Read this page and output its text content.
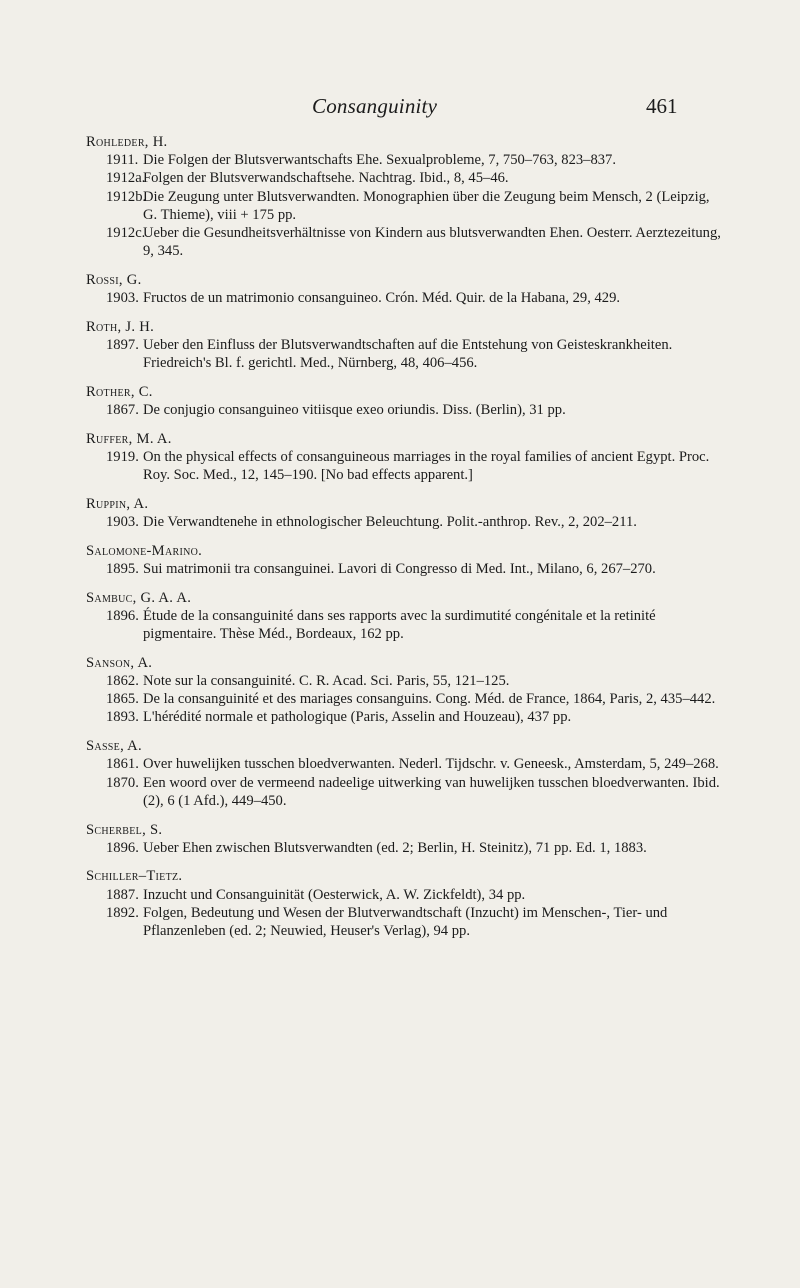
Consanguinity	461
Rohleder, H.
1911. Die Folgen der Blutsverwantschafts Ehe. Sexualprobleme, 7, 750–763, 823–837.
1912a.
Folgen der Blutsverwandschaftsehe. Nachtrag. Ibid., 8, 45–46.
1912b.
Die Zeugung unter Blutsverwandten. Monographien über die Zeugung beim Mensch, 2 (Leipzig, G. Thieme), viii + 175 pp.
1912c.
Ueber die Gesundheitsverhältnisse von Kindern aus blutsverwandten Ehen. Oesterr. Aerztezeitung, 9, 345.
Rossi, G.
1903. Fructos de un matrimonio consanguineo. Crón. Méd. Quir. de la Habana, 29, 429.
Roth, J. H.
1897. Ueber den Einfluss der Blutsverwandtschaften auf die Entstehung von Geisteskrankheiten. Friedreich's Bl. f. gerichtl. Med., Nürnberg, 48, 406–456.
Rother, C.
1867. De conjugio consanguineo vitiisque exeo oriundis. Diss. (Berlin), 31 pp.
Ruffer, M. A.
1919. On the physical effects of consanguineous marriages in the royal families of ancient Egypt. Proc. Roy. Soc. Med., 12, 145–190. [No bad effects apparent.]
Ruppin, A.
1903. Die Verwandtenehe in ethnologischer Beleuchtung. Polit.-anthrop. Rev., 2, 202–211.
Salomone-Marino.
1895. Sui matrimonii tra consanguinei. Lavori di Congresso di Med. Int., Milano, 6, 267–270.
Sambuc, G. A. A.
1896. Étude de la consanguinité dans ses rapports avec la surdimutité congénitale et la retinité pigmentaire. Thèse Méd., Bordeaux, 162 pp.
Sanson, A.
1862. Note sur la consanguinité. C. R. Acad. Sci. Paris, 55, 121–125.
1865. De la consanguinité et des mariages consanguins. Cong. Méd. de France, 1864, Paris, 2, 435–442.
1893. L'hérédité normale et pathologique (Paris, Asselin and Houzeau), 437 pp.
Sasse, A.
1861. Over huwelijken tusschen bloedverwanten. Nederl. Tijdschr. v. Geneesk., Amsterdam, 5, 249–268.
1870. Een woord over de vermeend nadeelige uitwerking van huwelijken tusschen bloedverwanten. Ibid. (2), 6 (1 Afd.), 449–450.
Scherbel, S.
1896. Ueber Ehen zwischen Blutsverwandten (ed. 2; Berlin, H. Steinitz), 71 pp. Ed. 1, 1883.
Schiller–Tietz.
1887. Inzucht und Consanguinität (Oesterwick, A. W. Zickfeldt), 34 pp.
1892. Folgen, Bedeutung und Wesen der Blutverwandtschaft (Inzucht) im Menschen-, Tier- und Pflanzenleben (ed. 2; Neuwied, Heuser's Verlag), 94 pp.
